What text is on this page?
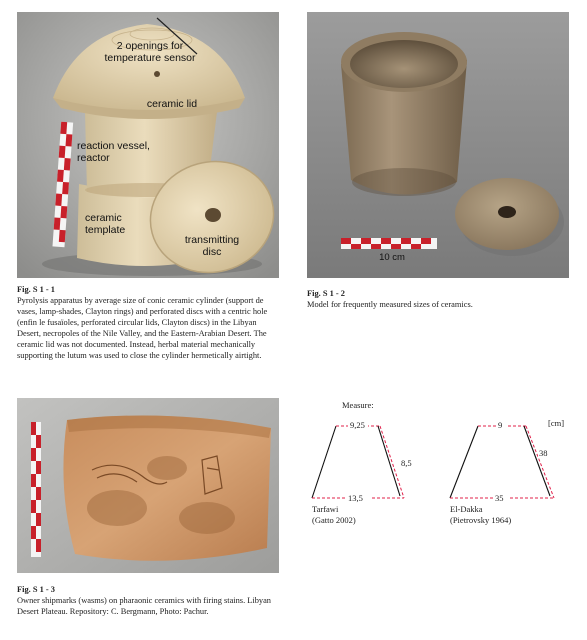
2 openings for
temperature sensor
ceramic lid
reaction vessel,
reactor
ceramic
template
transmitting
disc
Fig. S 1 - 1
Pyrolysis apparatus by average size of conic ceramic cylinder (support de vases, lamp-shades, Clayton rings) and perforated discs with a centric hole (enfin le fusaïoles, perforated circular lids, Clayton discs) in the Libyan Desert, necropoles of the Nile Valley, and the Eastern-Arabian Desert. The ceramic lid was not documented. Instead, herbal material mechanically supporting the lutum was used to close the cylinder hermetically airtight.
10 cm
Fig. S 1 - 2
Model for frequently measured sizes of ceramics.
Fig. S 1 - 3
Owner shipmarks (wasms) on pharaonic ceramics with firing stains. Libyan Desert Plateau. Repository: C. Bergmann, Photo: Pachur.
Measure:
[cm]
9,25
8,5
13,5
Tarfawi
(Gatto 2002)
9
38
35
El-Dakka
(Pietrovsky 1964)
